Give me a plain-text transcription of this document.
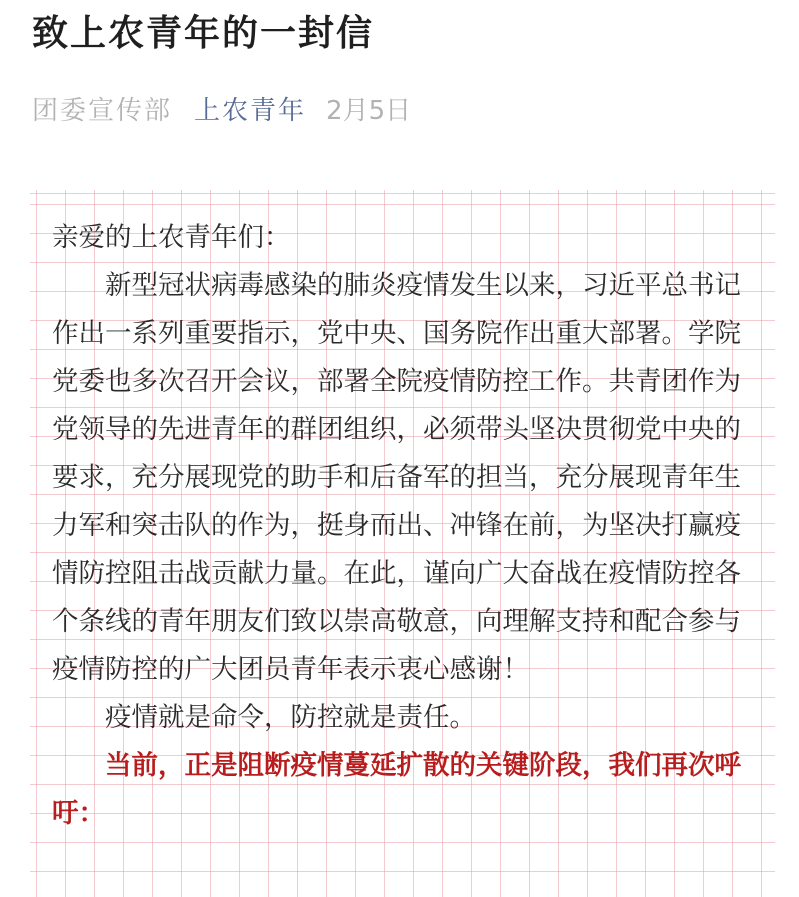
致上农青年的一封信
团委宣传部 上农青年 2月5日

亲爱的上农青年们：

新型冠状病毒感染的肺炎疫情发生以来，习近平总书记作出一系列重要指示，党中央、国务院作出重大部署。学院党委也多次召开会议，部署全院疫情防控工作。共青团作为党领导的先进青年的群团组织，必须带头坚决贯彻党中央的要求，充分展现党的助手和后备军的担当，充分展现青年生力军和突击队的作为，挺身而出、冲锋在前，为坚决打赢疫情防控阻击战贡献力量。在此，谨向广大奋战在疫情防控各个条线的青年朋友们致以崇高敬意，向理解支持和配合参与疫情防控的广大团员青年表示衷心感谢！

疫情就是命令，防控就是责任。

当前，正是阻断疫情蔓延扩散的关键阶段，我们再次呼吁：
